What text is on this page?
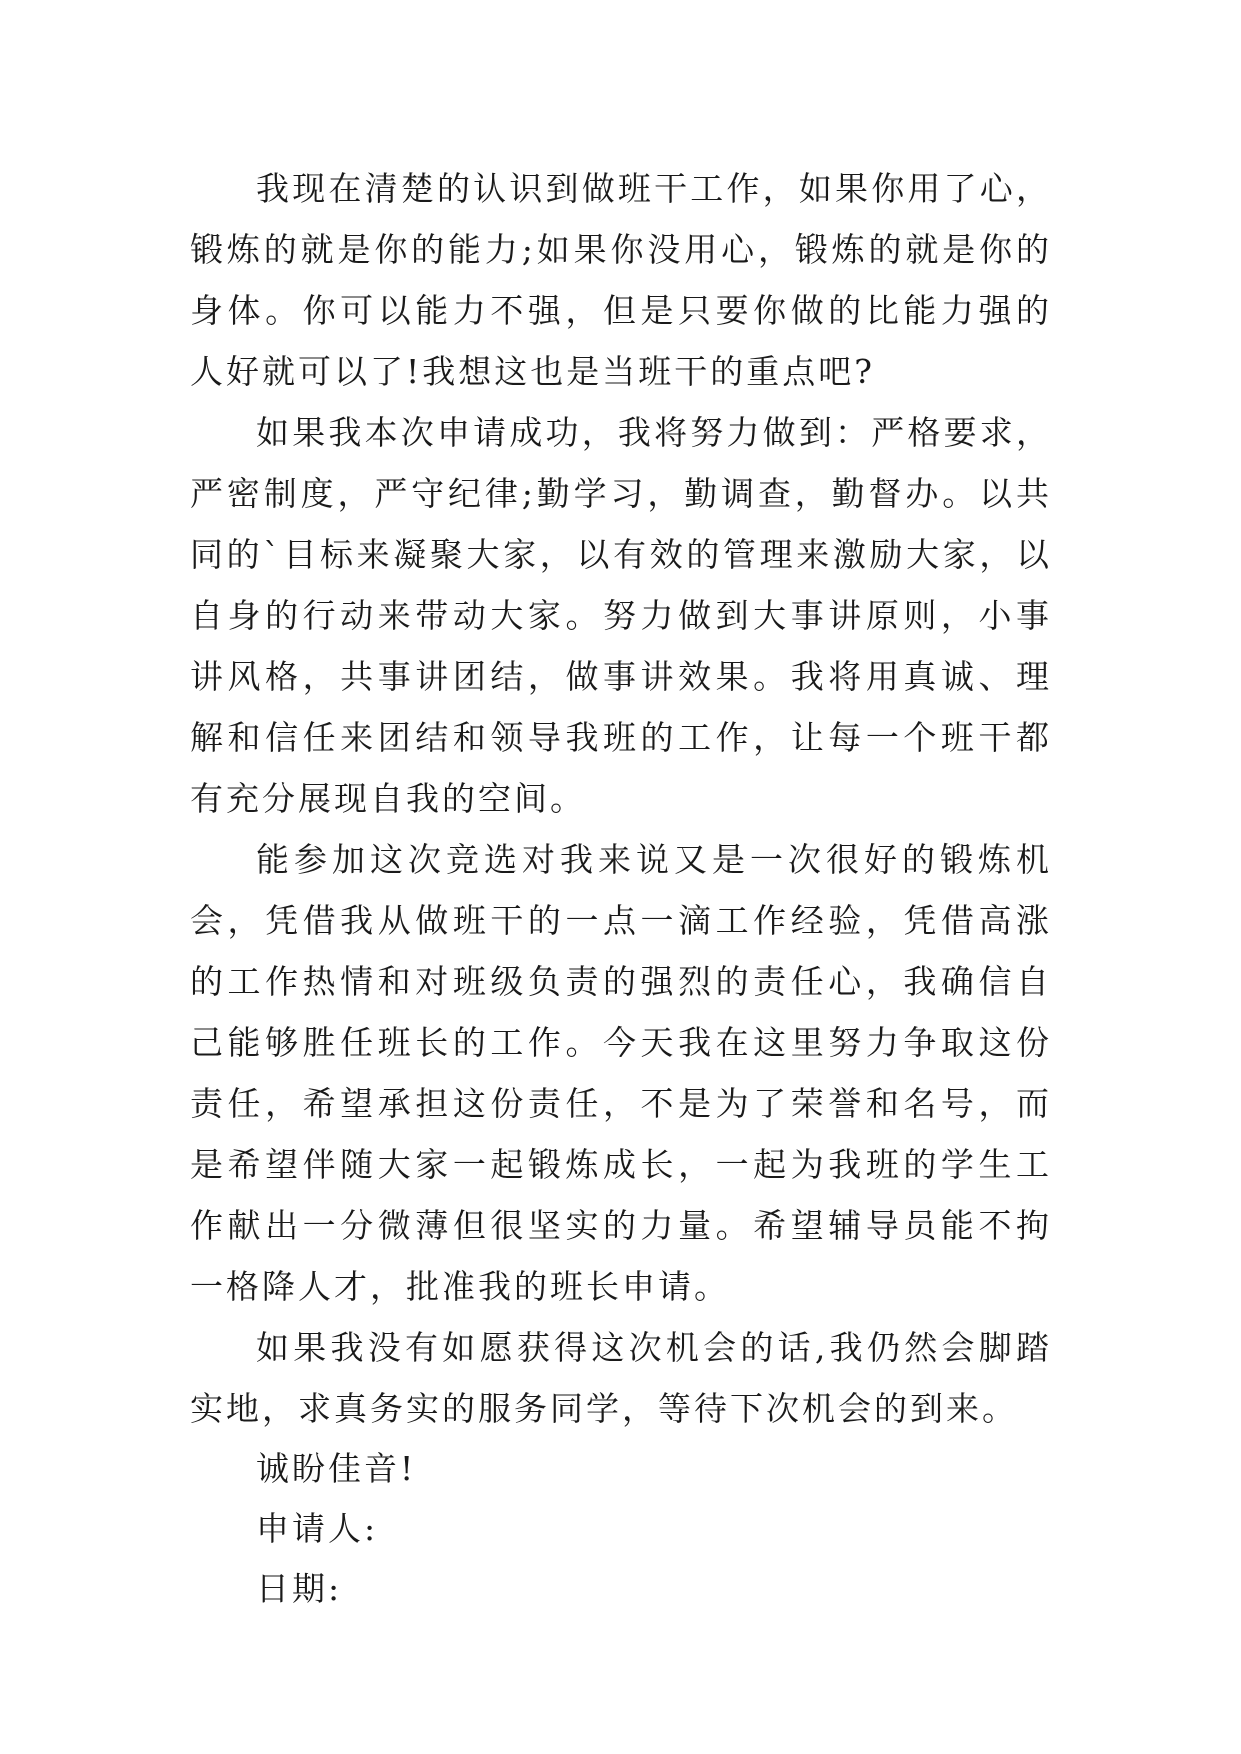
我现在清楚的认识到做班干工作，如果你用了心，锻炼的就是你的能力;如果你没用心，锻炼的就是你的身体。你可以能力不强，但是只要你做的比能力强的人好就可以了!我想这也是当班干的重点吧?

如果我本次申请成功，我将努力做到：严格要求，严密制度，严守纪律;勤学习，勤调查，勤督办。以共同的`目标来凝聚大家，以有效的管理来激励大家，以自身的行动来带动大家。努力做到大事讲原则，小事讲风格，共事讲团结，做事讲效果。我将用真诚、理解和信任来团结和领导我班的工作，让每一个班干都有充分展现自我的空间。

能参加这次竞选对我来说又是一次很好的锻炼机会，凭借我从做班干的一点一滴工作经验，凭借高涨的工作热情和对班级负责的强烈的责任心，我确信自己能够胜任班长的工作。今天我在这里努力争取这份责任，希望承担这份责任，不是为了荣誉和名号，而是希望伴随大家一起锻炼成长，一起为我班的学生工作献出一分微薄但很坚实的力量。希望辅导员能不拘一格降人才，批准我的班长申请。

如果我没有如愿获得这次机会的话,我仍然会脚踏实地，求真务实的服务同学，等待下次机会的到来。

诚盼佳音!

申请人:

日期:
